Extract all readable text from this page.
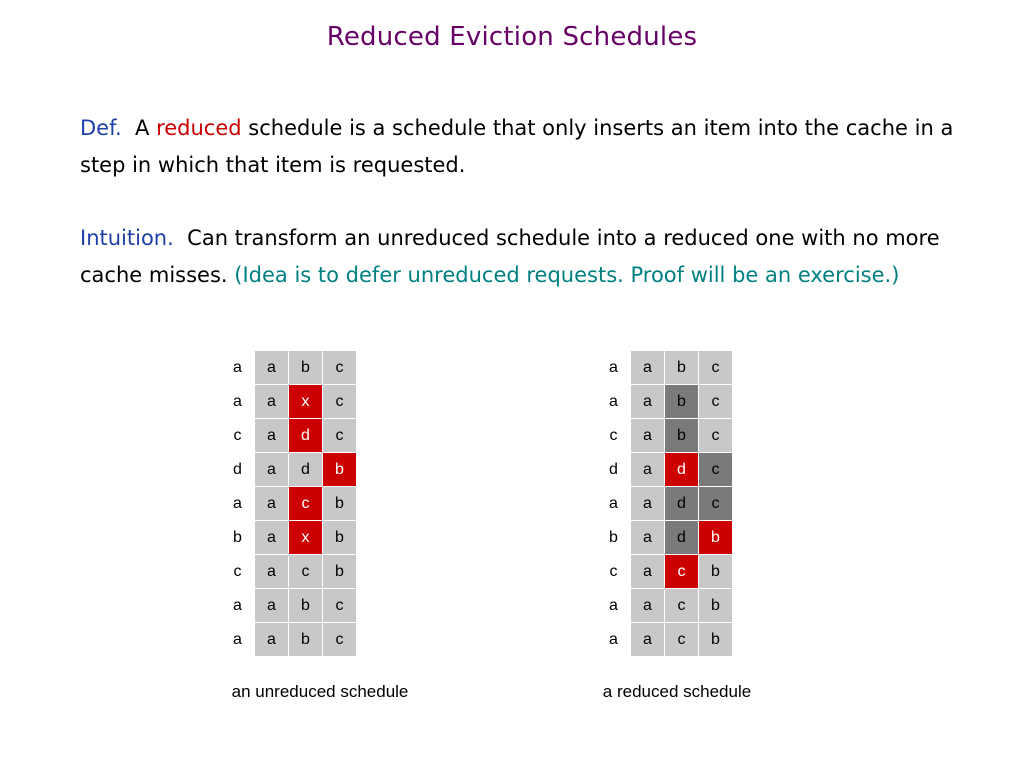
Reduced Eviction Schedules
Def. A reduced schedule is a schedule that only inserts an item into the cache in a step in which that item is requested.
Intuition. Can transform an unreduced schedule into a reduced one with no more cache misses. (Idea is to defer unreduced requests. Proof will be an exercise.)
a	a	b	c
a	a	x	c
c	a	d	c
d	a	d	b
a	a	c	b
b	a	x	b
c	a	c	b
a	a	b	c
a	a	b	c
a	a	b	c
a	a	b	c
c	a	b	c
d	a	d	c
a	a	d	c
b	a	d	b
c	a	c	b
a	a	c	b
a	a	c	b
an unreduced schedule	a reduced schedule
